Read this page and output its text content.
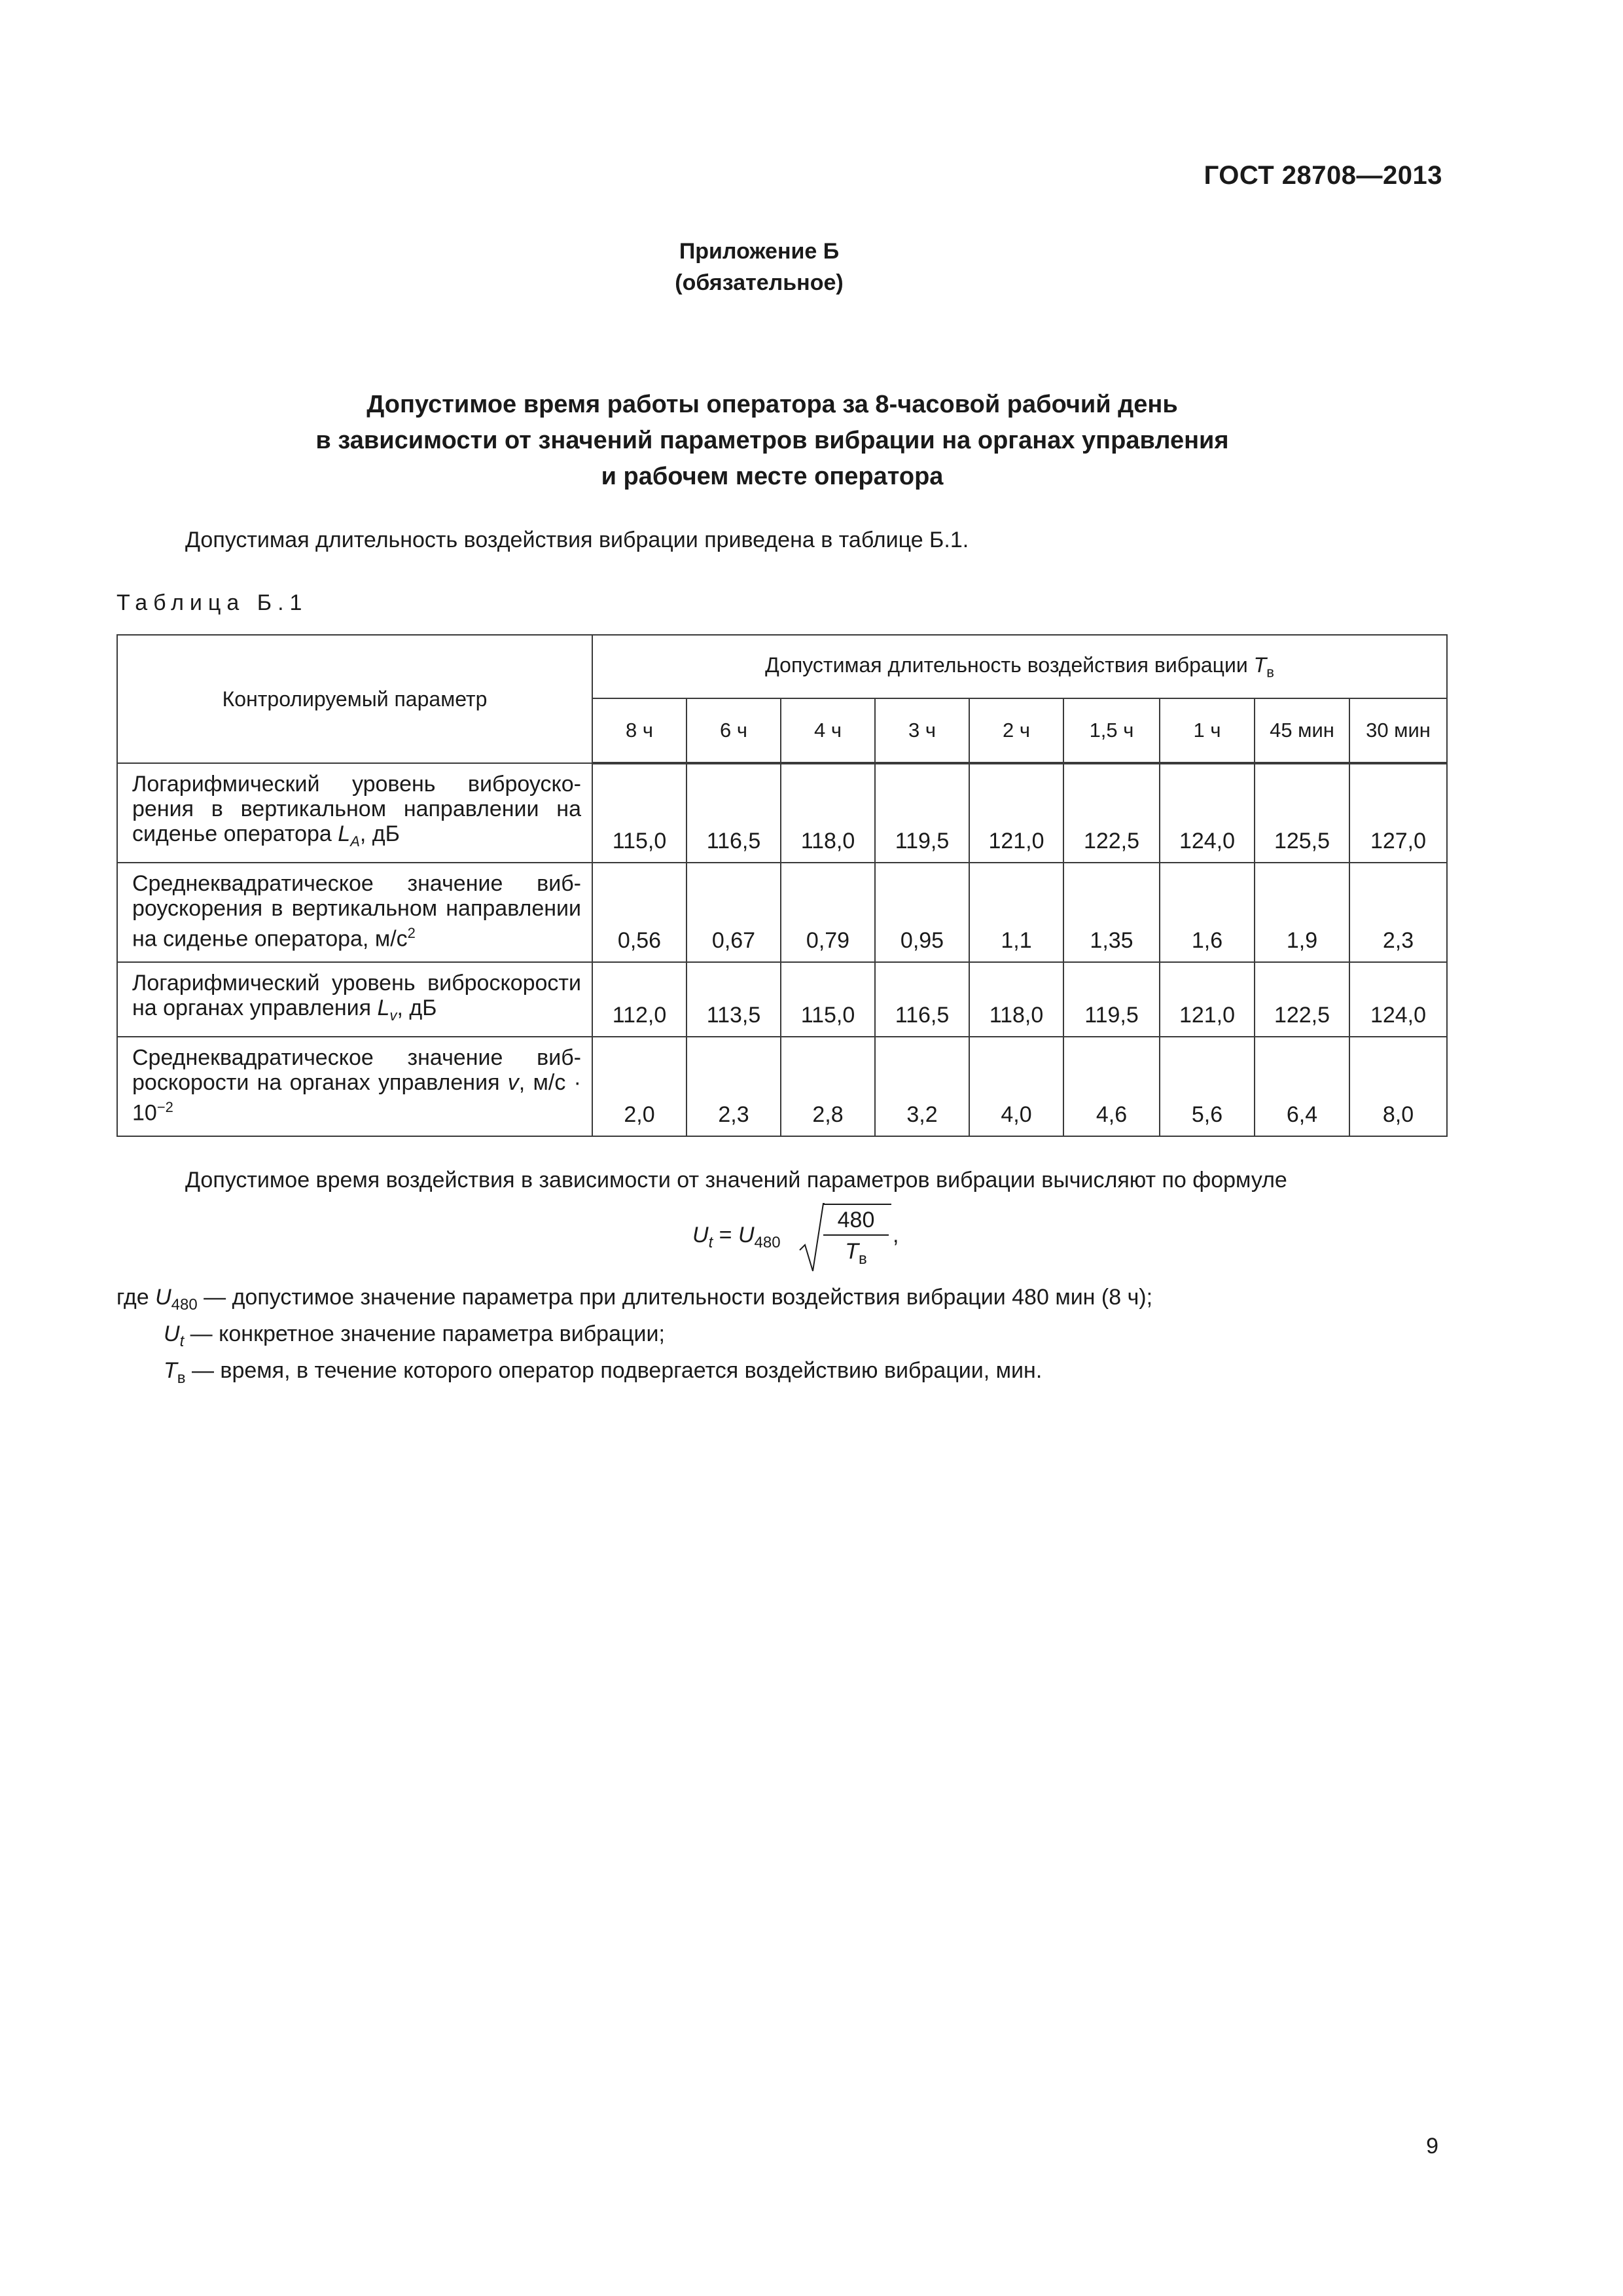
ГОСТ 28708—2013
Приложение Б
(обязательное)
Допустимое время работы оператора за 8-часовой рабочий день
в зависимости от значений параметров вибрации на органах управления
и рабочем месте оператора
Допустимая длительность воздействия вибрации приведена в таблице Б.1.
Таблица Б.1
Контролируемый параметр	Допустимая длительность воздействия вибрации $T_в$
	8 ч	6 ч	4 ч	3 ч	2 ч	1,5 ч	1 ч	45 мин	30 мин

Логарифмический уровень виброускорения в вертикальном направлении на сиденье оператора $L_A$, дБ	115,0	116,5	118,0	119,5	121,0	122,5	124,0	125,5	127,0

Среднеквадратическое значение виброускорения в вертикальном направлении на сиденье оператора, $м/с^2$	0,56	0,67	0,79	0,95	1,1	1,35	1,6	1,9	2,3

Логарифмический уровень виброскорости на органах управления $L_v$, дБ	112,0	113,5	115,0	116,5	118,0	119,5	121,0	122,5	124,0

Среднеквадратическое значение виброскорости на органах управления v, $м/с \cdot 10^{-2}$	2,0	2,3	2,8	3,2	4,0	4,6	5,6	6,4	8,0
Допустимое время воздействия в зависимости от значений параметров вибрации вычисляют по формуле
$U_t = U_{480}$
480
$T_в$
,
где $U_{480}$ — допустимое значение параметра при длительности воздействия вибрации 480 мин (8 ч);
$U_t$ — конкретное значение параметра вибрации;
$T_в$ — время, в течение которого оператор подвергается воздействию вибрации, мин.
9
